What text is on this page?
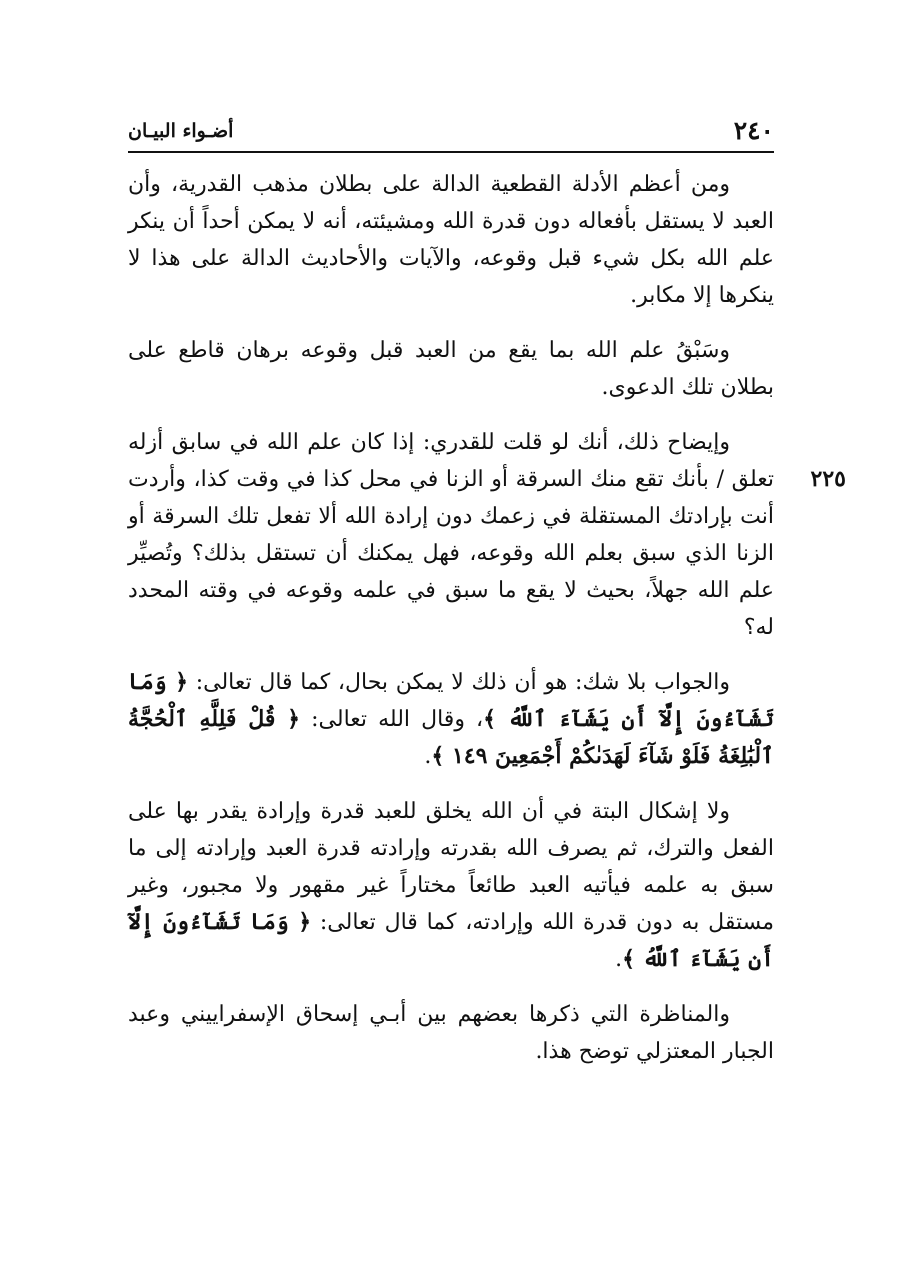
٢٤٠
أضـواء البيـان

ومن أعظم الأدلة القطعية الدالة على بطلان مذهب القدرية، وأن العبد لا يستقل بأفعاله دون قدرة الله ومشيئته، أنه لا يمكن أحداً أن ينكر علم الله بكل شيء قبل وقوعه، والآيات والأحاديث الدالة على هذا لا ينكرها إلا مكابر.

وسَبْقُ علم الله بما يقع من العبد قبل وقوعه برهان قاطع على بطلان تلك الدعوى.

٢٢٥

وإيضاح ذلك، أنك لو قلت للقدري: إذا كان علم الله في سابق أزله تعلق / بأنك تقع منك السرقة أو الزنا في محل كذا في وقت كذا، وأردت أنت بإرادتك المستقلة في زعمك دون إرادة الله ألا تفعل تلك السرقة أو الزنا الذي سبق بعلم الله وقوعه، فهل يمكنك أن تستقل بذلك؟ وتُصيِّر علم الله جهلاً، بحيث لا يقع ما سبق في علمه وقوعه في وقته المحدد له؟

والجواب بلا شك: هو أن ذلك لا يمكن بحال، كما قال تعالى: ﴿ وَمَا تَشَآءُونَ إِلَّآ أَن يَشَآءَ ٱللَّهُ ﴾، وقال الله تعالى: ﴿ قُلْ فَلِلَّهِ ٱلْحُجَّةُ ٱلْبَٰلِغَةُ فَلَوْ شَآءَ لَهَدَىٰكُمْ أَجْمَعِينَ ١٤٩ ﴾.

ولا إشكال البتة في أن الله يخلق للعبد قدرة وإرادة يقدر بها على الفعل والترك، ثم يصرف الله بقدرته وإرادته قدرة العبد وإرادته إلى ما سبق به علمه فيأتيه العبد طائعاً مختاراً غير مقهور ولا مجبور، وغير مستقل به دون قدرة الله وإرادته، كما قال تعالى: ﴿ وَمَا تَشَآءُونَ إِلَّآ أَن يَشَآءَ ٱللَّهُ ﴾.

والمناظرة التي ذكرها بعضهم بين أبـي إسحاق الإسفراييني وعبد الجبار المعتزلي توضح هذا.
